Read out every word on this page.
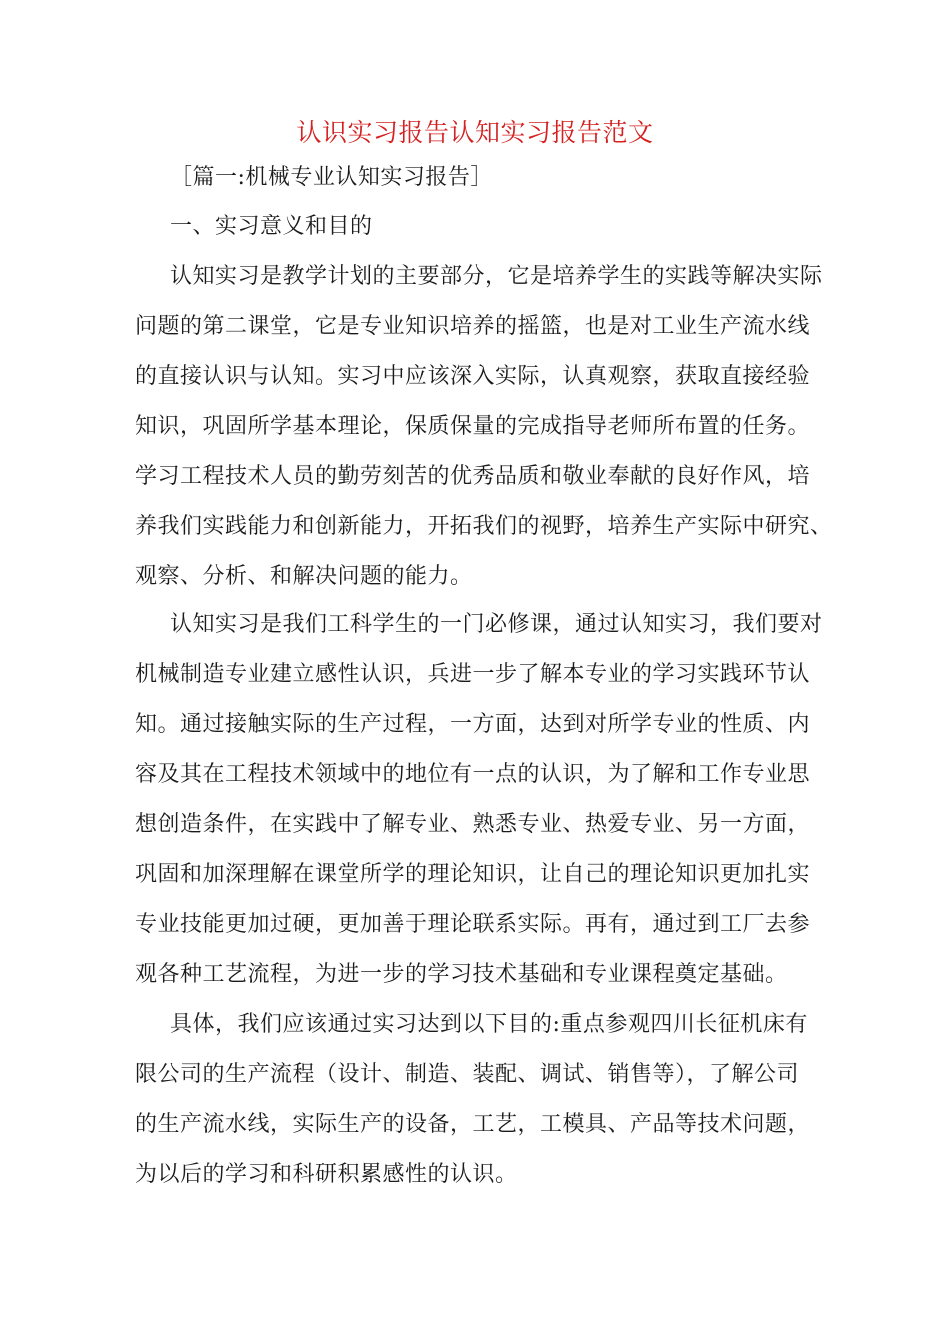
认识实习报告认知实习报告范文
［篇一:机械专业认知实习报告］
一、实习意义和目的
认知实习是教学计划的主要部分，它是培养学生的实践等解决实际
问题的第二课堂，它是专业知识培养的摇篮，也是对工业生产流水线
的直接认识与认知。实习中应该深入实际，认真观察，获取直接经验
知识，巩固所学基本理论，保质保量的完成指导老师所布置的任务。
学习工程技术人员的勤劳刻苦的优秀品质和敬业奉献的良好作风，培
养我们实践能力和创新能力，开拓我们的视野，培养生产实际中研究、
观察、分析、和解决问题的能力。
认知实习是我们工科学生的一门必修课，通过认知实习，我们要对
机械制造专业建立感性认识，兵进一步了解本专业的学习实践环节认
知。通过接触实际的生产过程，一方面，达到对所学专业的性质、内
容及其在工程技术领域中的地位有一点的认识，为了解和工作专业思
想创造条件，在实践中了解专业、熟悉专业、热爱专业、另一方面，
巩固和加深理解在课堂所学的理论知识，让自己的理论知识更加扎实
专业技能更加过硬，更加善于理论联系实际。再有，通过到工厂去参
观各种工艺流程，为进一步的学习技术基础和专业课程奠定基础。
具体，我们应该通过实习达到以下目的:重点参观四川长征机床有
限公司的生产流程（设计、制造、装配、调试、销售等），了解公司
的生产流水线，实际生产的设备，工艺，工模具、产品等技术问题，
为以后的学习和科研积累感性的认识。
